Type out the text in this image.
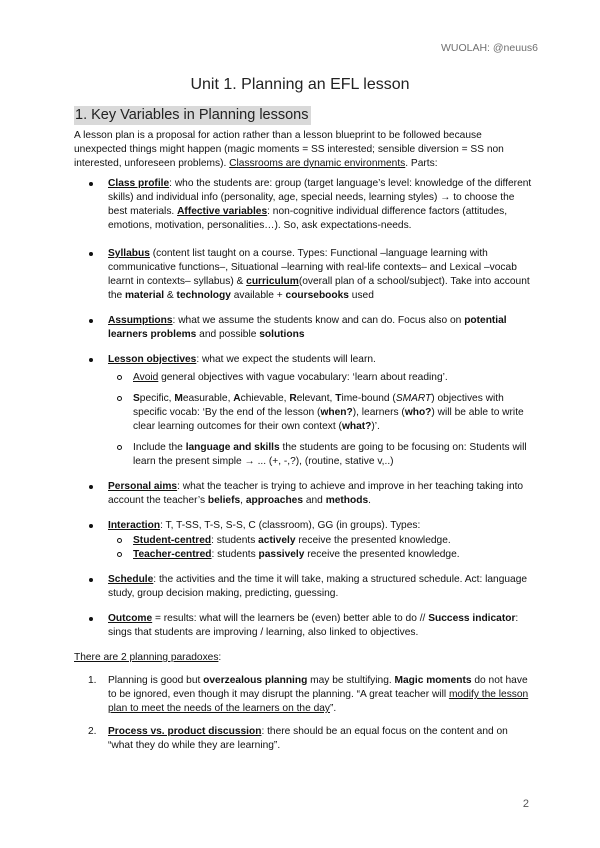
WUOLAH: @neuus6
Unit 1. Planning an EFL lesson
1. Key Variables in Planning lessons

A lesson plan is a proposal for action rather than a lesson blueprint to be followed because unexpected things might happen (magic moments = SS interested; sensible diversion = SS non interested, unforeseen problems). Classrooms are dynamic environments. Parts:

Class profile: who the students are: group (target language’s level: knowledge of the different skills) and individual info (personality, age, special needs, learning styles) → to choose the best materials. Affective variables: non-cognitive individual difference factors (attitudes, emotions, motivation, personalities…). So, ask expectations-needs.
Syllabus (content list taught on a course. Types: Functional –language learning with communicative functions–, Situational –learning with real-life contexts– and Lexical –vocab learnt in contexts– syllabus) & curriculum(overall plan of a school/subject). Take into account the material & technology available + coursebooks used
Assumptions: what we assume the students know and can do. Focus also on potential learners problems and possible solutions
Lesson objectives: what we expect the students will learn.
Avoid general objectives with vague vocabulary: ‘learn about reading’.
Specific, Measurable, Achievable, Relevant, Time-bound (SMART) objectives with specific vocab: ‘By the end of the lesson (when?), learners (who?) will be able to write clear learning outcomes for their own context (what?)’.
Include the language and skills the students are going to be focusing on: Students will learn the present simple → ... (+, -,?), (routine, stative v,..)
Personal aims: what the teacher is trying to achieve and improve in her teaching taking into account the teacher’s beliefs, approaches and methods.
Interaction: T, T-SS, T-S, S-S, C (classroom), GG (in groups). Types:
Student-centred: students actively receive the presented knowledge.
Teacher-centred: students passively receive the presented knowledge.
Schedule: the activities and the time it will take, making a structured schedule. Act: language study, group decision making, predicting, guessing.
Outcome = results: what will the learners be (even) better able to do // Success indicator: sings that students are improving / learning, also linked to objectives.

There are 2 planning paradoxes:

1. Planning is good but overzealous planning may be stultifying. Magic moments do not have to be ignored, even though it may disrupt the planning. “A great teacher will modify the lesson plan to meet the needs of the learners on the day”.
2. Process vs. product discussion: there should be an equal focus on the content and on “what they do while they are learning”.
2
